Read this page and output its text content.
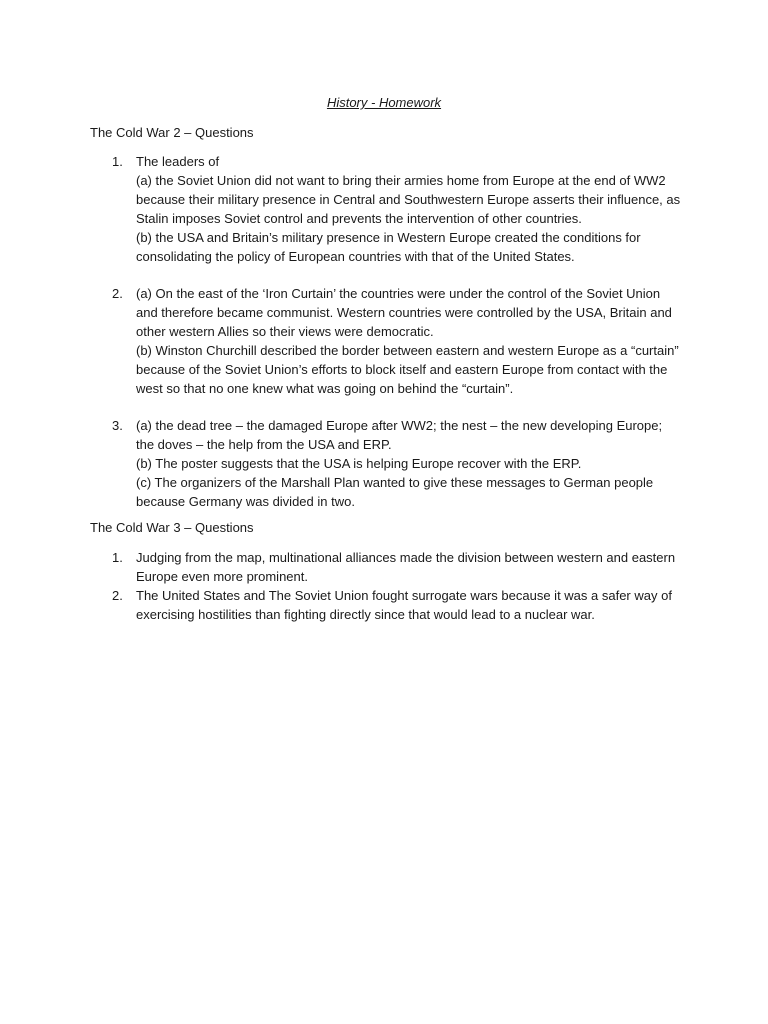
History - Homework
The Cold War 2 – Questions
1. The leaders of
(a) the Soviet Union did not want to bring their armies home from Europe at the end of WW2
because their military presence in Central and Southwestern Europe asserts their influence, as
Stalin imposes Soviet control and prevents the intervention of other countries.
(b) the USA and Britain’s military presence in Western Europe created the conditions for
consolidating the policy of European countries with that of the United States.
2. (a) On the east of the ‘Iron Curtain’ the countries were under the control of the Soviet Union
and therefore became communist. Western countries were controlled by the USA, Britain and
other western Allies so their views were democratic.
(b) Winston Churchill described the border between eastern and western Europe as a “curtain”
because of the Soviet Union’s efforts to block itself and eastern Europe from contact with the
west so that no one knew what was going on behind the “curtain”.
3. (a) the dead tree – the damaged Europe after WW2; the nest – the new developing Europe;
the doves – the help from the USA and ERP.
(b) The poster suggests that the USA is helping Europe recover with the ERP.
(c) The organizers of the Marshall Plan wanted to give these messages to German people
because Germany was divided in two.
The Cold War 3 – Questions
1. Judging from the map, multinational alliances made the division between western and eastern
Europe even more prominent.
2. The United States and The Soviet Union fought surrogate wars because it was a safer way of
exercising hostilities than fighting directly since that would lead to a nuclear war.
